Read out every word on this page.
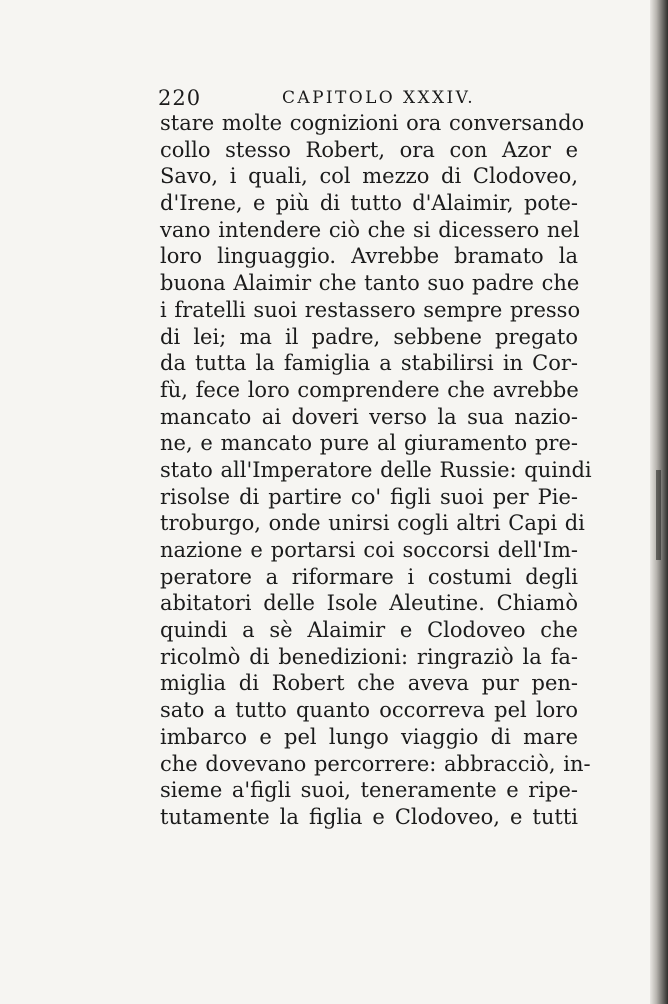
220	CAPITOLO XXXIV.
stare molte cognizioni ora conversando
collo stesso Robert, ora con Azor e
Savo, i quali, col mezzo di Clodoveo,
d'Irene, e più di tutto d'Alaimir, pote-
vano intendere ciò che si dicessero nel
loro linguaggio. Avrebbe bramato la
buona Alaimir che tanto suo padre che
i fratelli suoi restassero sempre presso
di lei; ma il padre, sebbene pregato
da tutta la famiglia a stabilirsi in Cor-
fù, fece loro comprendere che avrebbe
mancato ai doveri verso la sua nazio-
ne, e mancato pure al giuramento pre-
stato all'Imperatore delle Russie: quindi
risolse di partire co' figli suoi per Pie-
troburgo, onde unirsi cogli altri Capi di
nazione e portarsi coi soccorsi dell'Im-
peratore a riformare i costumi degli
abitatori delle Isole Aleutine. Chiamò
quindi a sè Alaimir e Clodoveo che
ricolmò di benedizioni: ringraziò la fa-
miglia di Robert che aveva pur pen-
sato a tutto quanto occorreva pel loro
imbarco e pel lungo viaggio di mare
che dovevano percorrere: abbracciò, in-
sieme a'figli suoi, teneramente e ripe-
tutamente la figlia e Clodoveo, e tutti
